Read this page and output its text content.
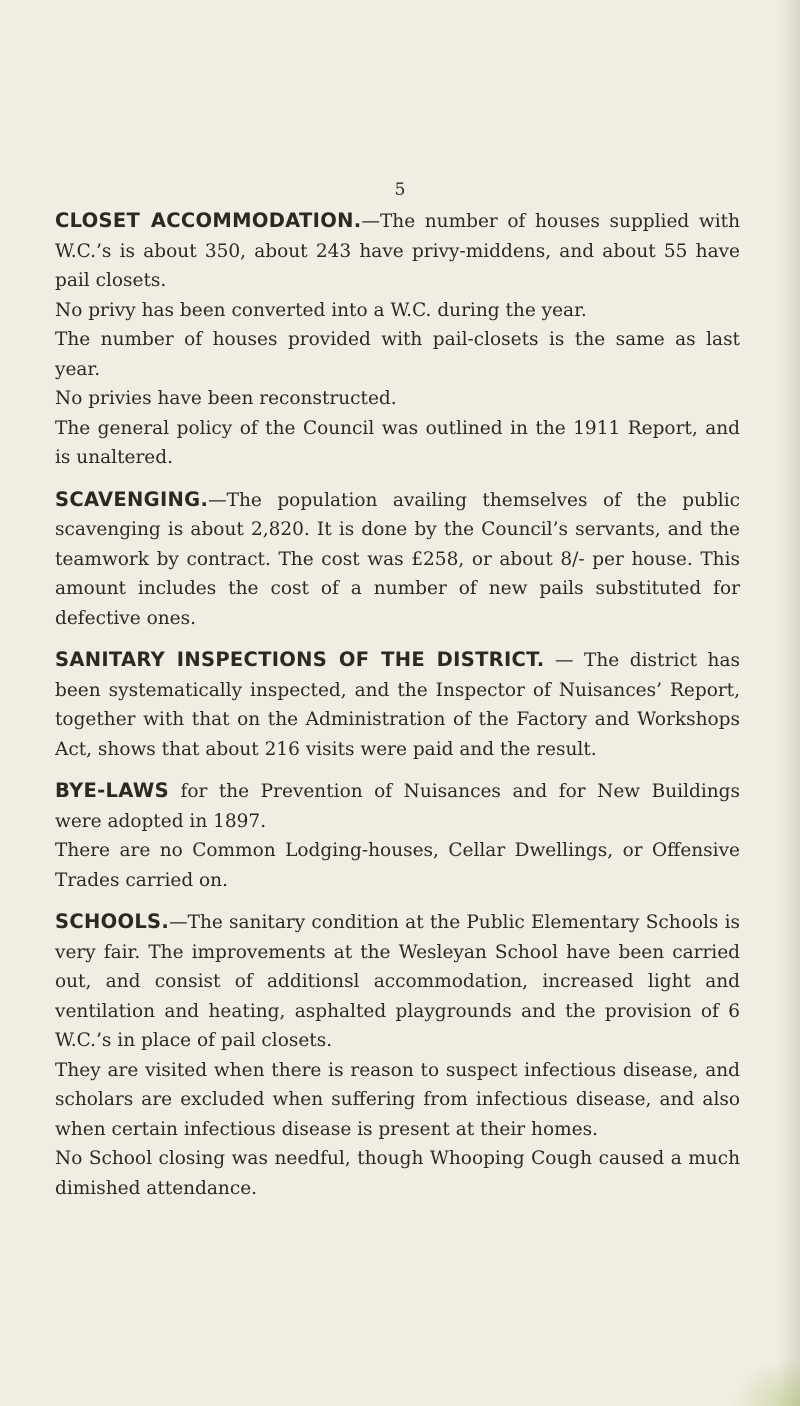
5

CLOSET ACCOMMODATION.—The number of houses supplied with W.C.’s is about 350, about 243 have privy-middens, and about 55 have pail closets.

No privy has been converted into a W.C. during the year.

The number of houses provided with pail-closets is the same as last year.

No privies have been reconstructed.

The general policy of the Council was outlined in the 1911 Report, and is unaltered.

SCAVENGING.—The population availing themselves of the public scavenging is about 2,820. It is done by the Council’s servants, and the teamwork by contract. The cost was £258, or about 8/- per house. This amount includes the cost of a number of new pails substituted for defective ones.

SANITARY INSPECTIONS OF THE DISTRICT. — The district has been systematically inspected, and the Inspector of Nuisances’ Report, together with that on the Administration of the Factory and Workshops Act, shows that about 216 visits were paid and the result.

BYE-LAWS for the Prevention of Nuisances and for New Buildings were adopted in 1897.

There are no Common Lodging-houses, Cellar Dwellings, or Offensive Trades carried on.

SCHOOLS.—The sanitary condition at the Public Elementary Schools is very fair. The improvements at the Wesleyan School have been carried out, and consist of additionsl accommodation, increased light and ventilation and heating, asphalted playgrounds and the provision of 6 W.C.’s in place of pail closets.

They are visited when there is reason to suspect infectious disease, and scholars are excluded when suffering from infectious disease, and also when certain infectious disease is present at their homes.

No School closing was needful, though Whooping Cough caused a much dimished attendance.
